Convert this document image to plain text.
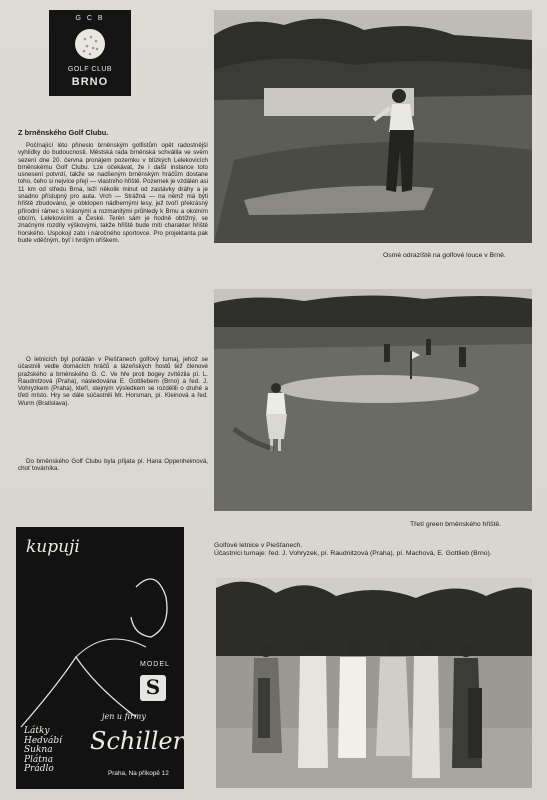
G C B
GOLF CLUB
BRNO
Z brněnského Golf Clubu.
Počínající léto přineslo brněnským golfistům opět radostnější vyhlídky do budoucnosti. Městská rada brněnská schválila ve svém sezení dne 20. června pronájem pozemku v blízkých Lelekovicích brněnskému Golf Clubu. Lze očekávat, že i další instance toto usnesení potvrdí, takže se nadšeným brněnským hráčům dostane toho, čeho si nejvíce přejí — vlastního hřiště. Pozemek je vzdálen asi 11 km od středu Brna, leží několik minut od zastávky dráhy a je snadno přístupný pro auta. Vrch — Strážná — na němž má býti hřiště zbudováno, je obklopen nádhernými lesy, jež tvoří překrásný přírodní rámec s krásnými a rozmanitými průhledy k Brnu a okolním obcím, Lelekovicím a České. Terén sám je hodně obtížný, se značnými rozdíly výškovými, takže hřiště bude míti charakter hřiště horského. Uspokojí zato i náročného sportovce. Pro projektanta pak bude vděčným, byť i tvrdým oříškem.
O letnicích byl pořádán v Piešťanech golfový turnaj, jehož se účastnili vedle domácích hráčů a lázeňských hostů též členové pražského a brněnského G. C. Ve hře proti bogey zvítězila pí. L. Raudnitzová (Praha), následována E. Gottliebem (Brno) a řed. J. Vohryzkem (Praha), kteří, stejným výsledkem se rozdělili o druhé a třetí místo. Hry se dále súčastnili Mr. Horsman, pí. Kleinová a řed. Wurm (Bratislava).
Do brněnského Golf Clubu byla přijata pí. Hana Oppenheimová, choť továrníka.
Osmé odrazíště na golfové louce v Brně.
Třetí green brněnského hřiště.
Golfové letnice v Piešťanech.
Účastníci turnaje: řed. J. Vohryzek, pí. Raudnitzová (Praha), pí. Machová, E. Gottlieb (Brno).
kupuji
MODEL
S
jen u firmy
Schiller
Praha, Na příkopě 12
Látky
Hedvábí
Sukna
Plátna
Prádlo
